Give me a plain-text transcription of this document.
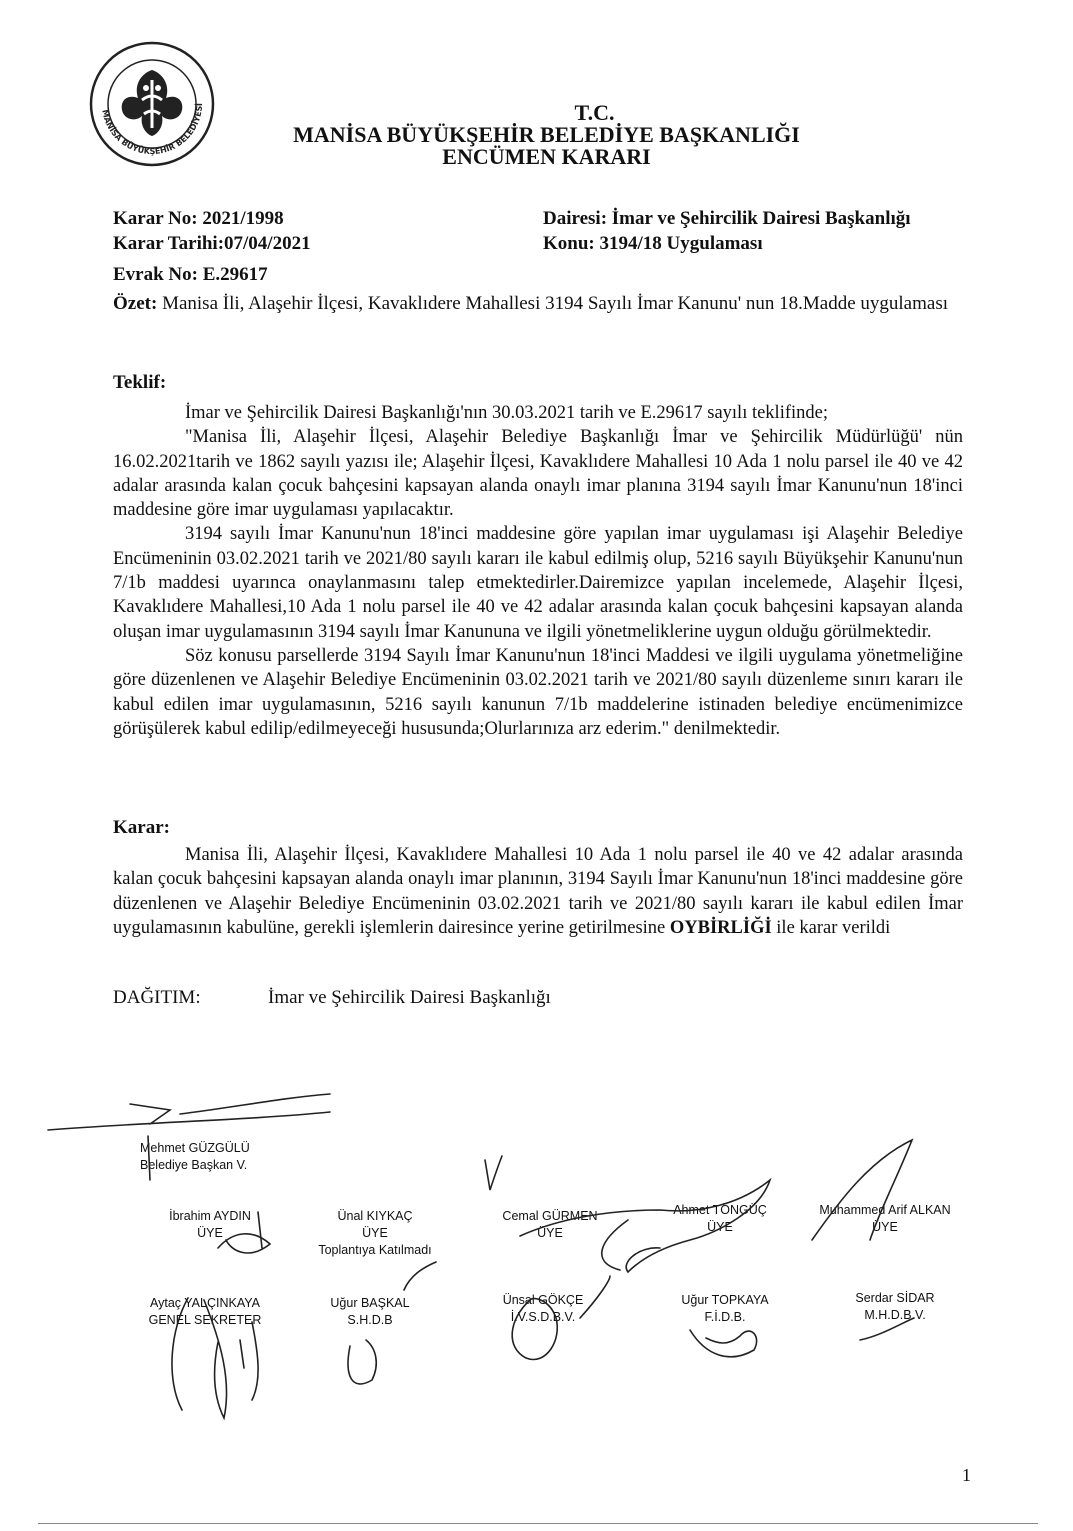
MANİSA BÜYÜKŞEHİR BELEDİYESİ	T.C.
MANİSA BÜYÜKŞEHİR BELEDİYE BAŞKANLIĞI
ENCÜMEN KARARI
Karar No: 2021/1998
Karar Tarihi:07/04/2021
Evrak No: E.29617
Dairesi: İmar ve Şehircilik Dairesi Başkanlığı
Konu: 3194/18 Uygulaması

Özet: Manisa İli, Alaşehir İlçesi, Kavaklıdere Mahallesi 3194 Sayılı İmar Kanunu' nun 18.Madde uygulaması

Teklif:

İmar ve Şehircilik Dairesi Başkanlığı'nın 30.03.2021 tarih ve E.29617 sayılı teklifinde;

"Manisa İli, Alaşehir İlçesi, Alaşehir Belediye Başkanlığı İmar ve Şehircilik Müdürlüğü' nün 16.02.2021tarih ve 1862 sayılı yazısı ile; Alaşehir İlçesi, Kavaklıdere Mahallesi 10 Ada 1 nolu parsel ile 40 ve 42 adalar arasında kalan çocuk bahçesini kapsayan alanda onaylı imar planına 3194 sayılı İmar Kanunu'nun 18'inci maddesine göre imar uygulaması yapılacaktır.

3194 sayılı İmar Kanunu'nun 18'inci maddesine göre yapılan imar uygulaması işi Alaşehir Belediye Encümeninin 03.02.2021 tarih ve 2021/80 sayılı kararı ile kabul edilmiş olup, 5216 sayılı Büyükşehir Kanunu'nun 7/1b maddesi uyarınca onaylanmasını talep etmektedirler.Dairemizce yapılan incelemede, Alaşehir İlçesi, Kavaklıdere Mahallesi,10 Ada 1 nolu parsel ile 40 ve 42 adalar arasında kalan çocuk bahçesini kapsayan alanda oluşan imar uygulamasının 3194 sayılı İmar Kanununa ve ilgili yönetmeliklerine uygun olduğu görülmektedir.

Söz konusu parsellerde 3194 Sayılı İmar Kanunu'nun 18'inci Maddesi ve ilgili uygulama yönetmeliğine göre düzenlenen ve Alaşehir Belediye Encümeninin 03.02.2021 tarih ve 2021/80 sayılı düzenleme sınırı kararı ile kabul edilen imar uygulamasının, 5216 sayılı kanunun 7/1b maddelerine istinaden belediye encümenimizce görüşülerek kabul edilip/edilmeyeceği hususunda;Olurlarınıza arz ederim." denilmektedir.

Karar:

Manisa İli, Alaşehir İlçesi, Kavaklıdere Mahallesi 10 Ada 1 nolu parsel ile 40 ve 42 adalar arasında kalan çocuk bahçesini kapsayan alanda onaylı imar planının, 3194 Sayılı İmar Kanunu'nun 18'inci maddesine göre düzenlenen ve Alaşehir Belediye Encümeninin 03.02.2021 tarih ve 2021/80 sayılı kararı ile kabul edilen İmar uygulamasının kabulüne, gerekli işlemlerin dairesince yerine getirilmesine OYBİRLİĞİ ile karar verildi

DAĞITIM:	İmar ve Şehircilik Dairesi Başkanlığı
Mehmet GÜZGÜLÜ
Belediye Başkan V.
İbrahim AYDIN
ÜYE
Ünal KIYKAÇ
ÜYE
Toplantıya Katılmadı
Cemal GÜRMEN
ÜYE
Ahmet TÖNGÜÇ
ÜYE
Muhammed Arif ALKAN
ÜYE
Aytaç YALÇINKAYA
GENEL SEKRETER
Uğur BAŞKAL
S.H.D.B
Ünsal GÖKÇE
İ.V.S.D.B.V.
Uğur TOPKAYA
F.İ.D.B.
Serdar SİDAR
M.H.D.B.V.
1
